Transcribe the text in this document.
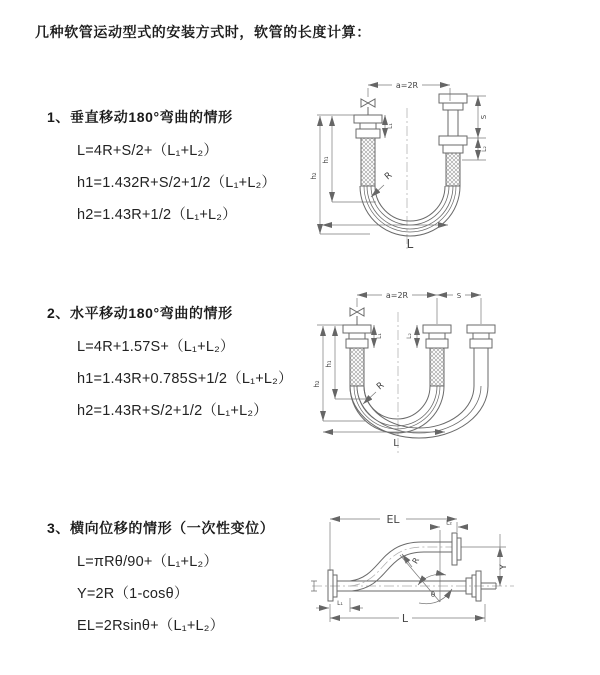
几种软管运动型式的安装方式时，软管的长度计算：
1、垂直移动180°弯曲的情形
L=4R+S/2+（L₁+L₂）
h1=1.432R+S/2+1/2（L₁+L₂）
h2=1.43R+1/2（L₁+L₂）
2、水平移动180°弯曲的情形
L=4R+1.57S+（L₁+L₂）
h1=1.43R+0.785S+1/2（L₁+L₂）
h2=1.43R+S/2+1/2（L₁+L₂）
3、横向位移的情形（一次性变位）
L=πRθ/90+（L₁+L₂）
Y=2R（1-cosθ）
EL=2Rsinθ+（L₁+L₂）
a=2R
h₁
h₂
L₁
S
L₂
R
L
a=2R	S
h₁
h₂
L₁	L₂
R
L
EL	L₂
Y
R
θ
L
L₁
